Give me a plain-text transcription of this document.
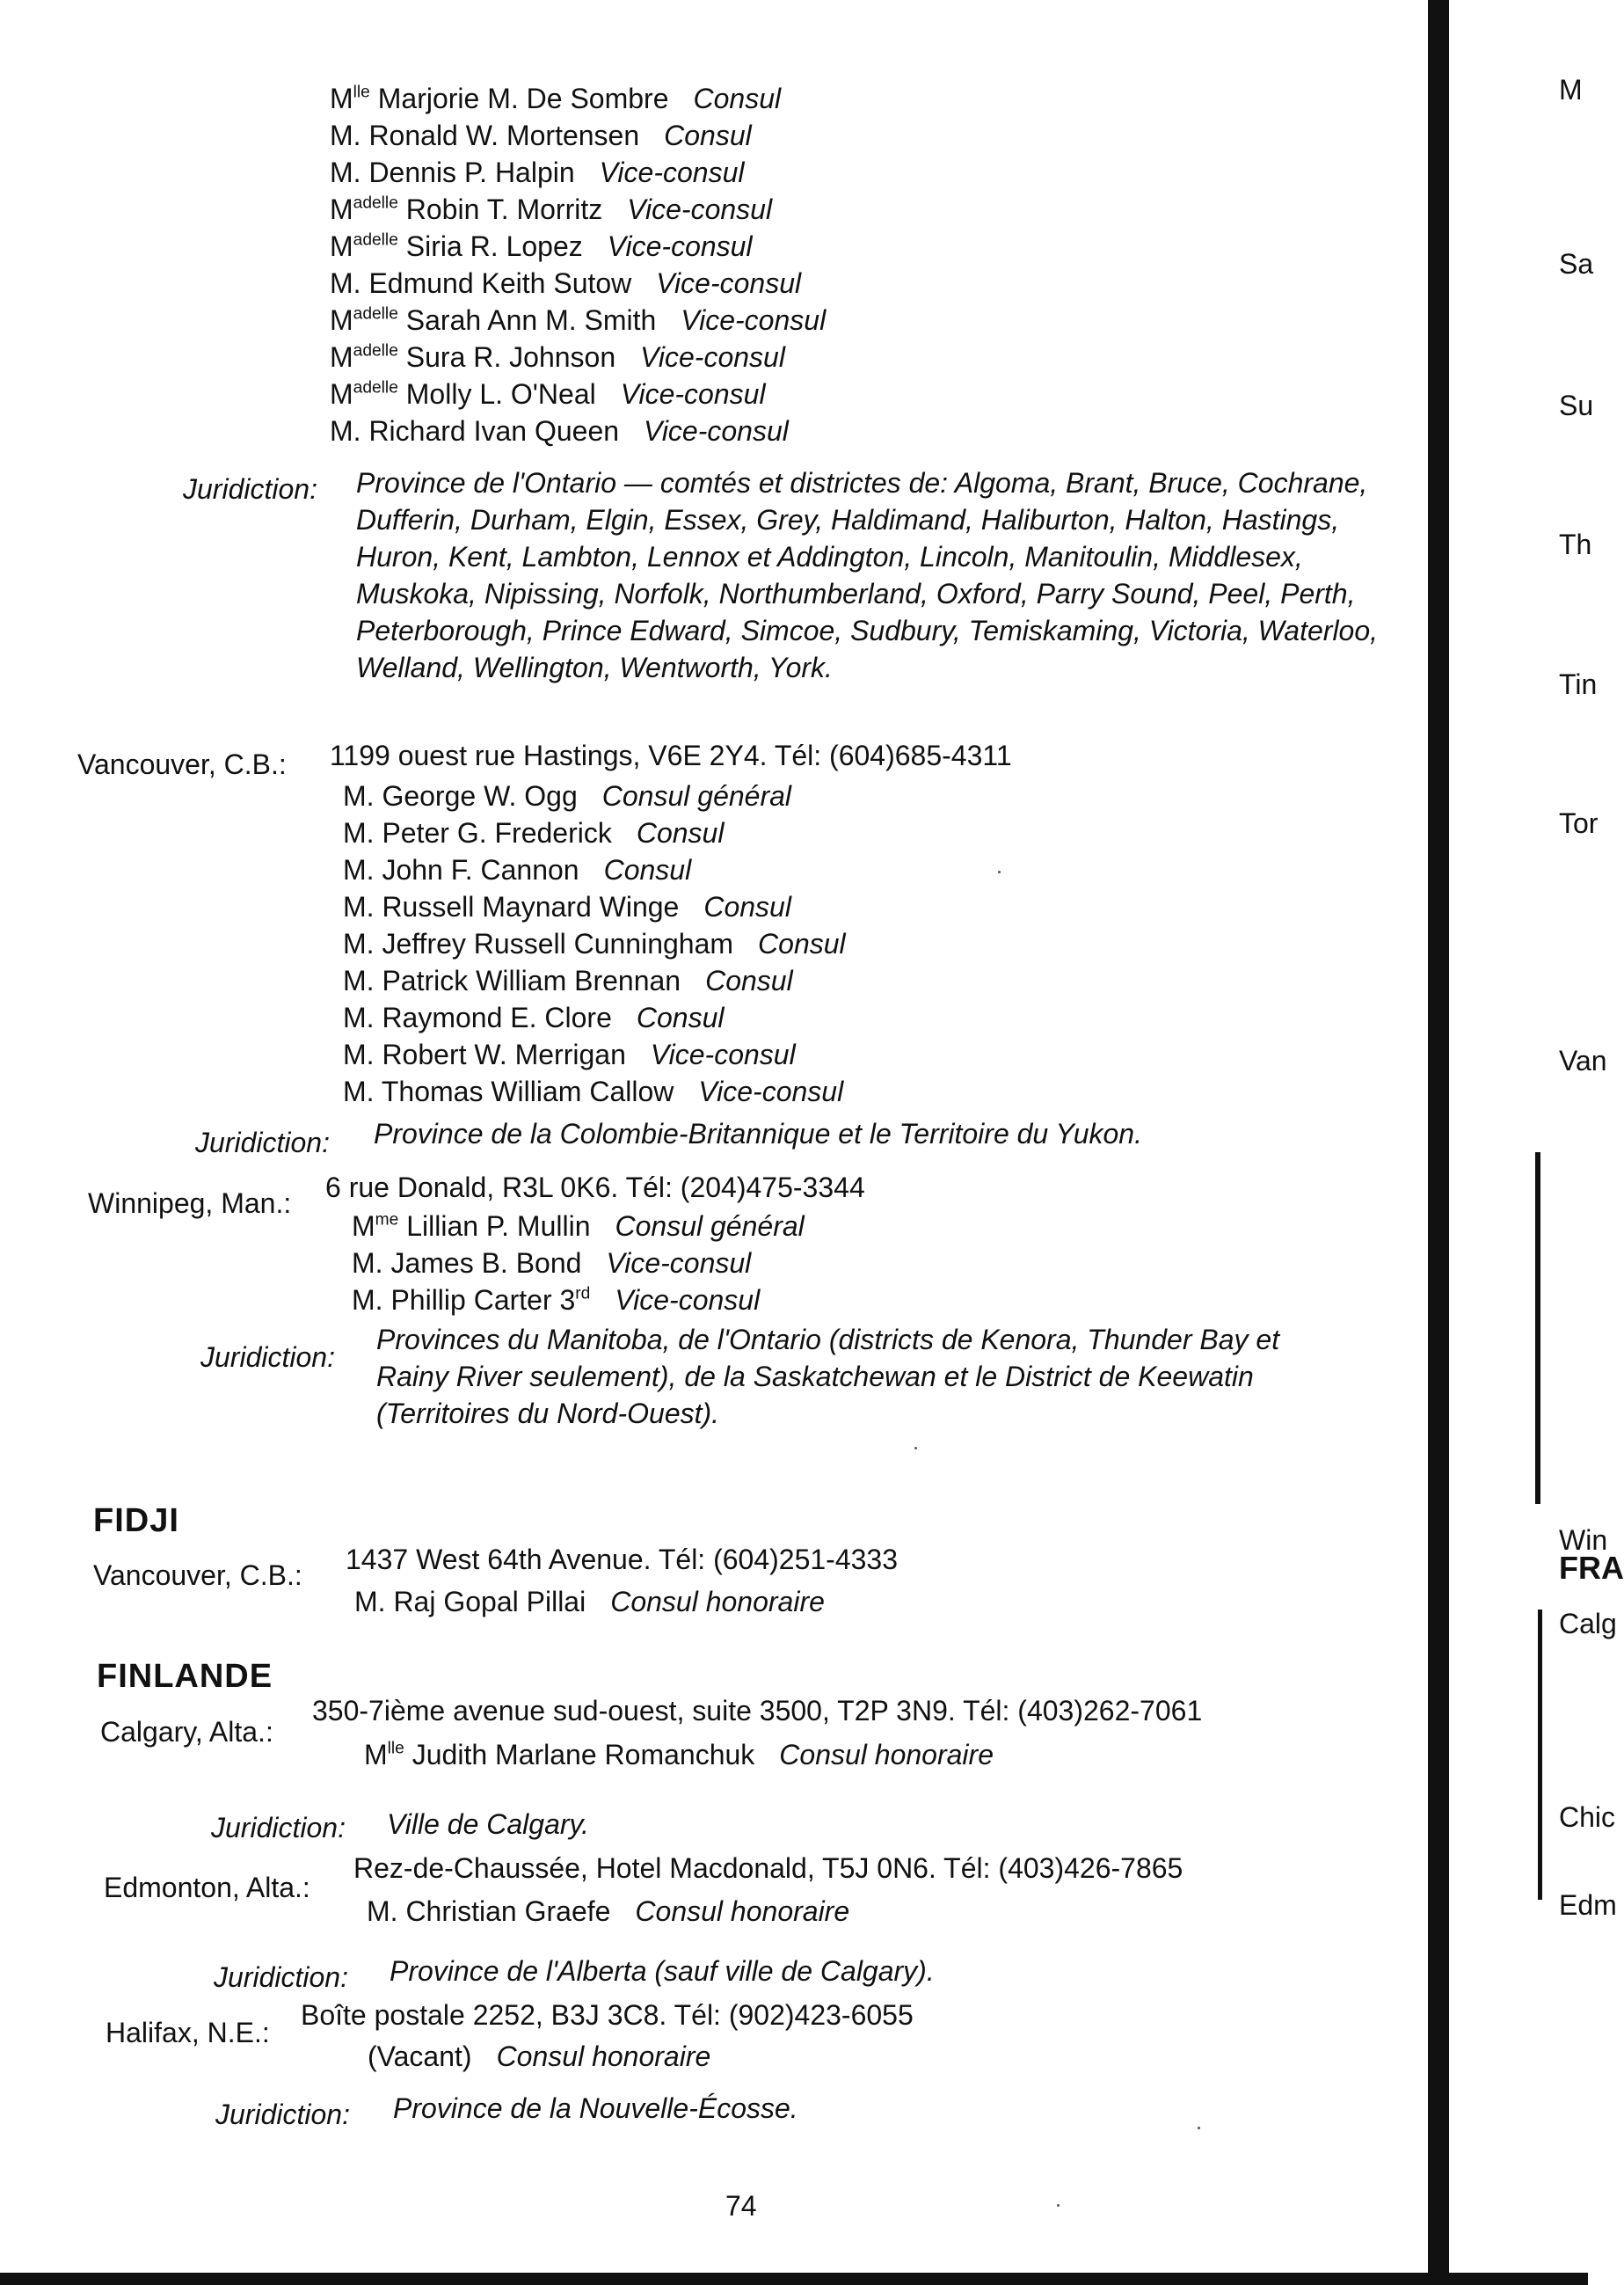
$M^{lle}$ Marjorie M. De Sombre Consul
M. Ronald W. Mortensen Consul
M. Dennis P. Halpin Vice-consul
$M^{adelle}$ Robin T. Morritz Vice-consul
$M^{adelle}$ Siria R. Lopez Vice-consul
M. Edmund Keith Sutow Vice-consul
$M^{adelle}$ Sarah Ann M. Smith Vice-consul
$M^{adelle}$ Sura R. Johnson Vice-consul
$M^{adelle}$ Molly L. O'Neal Vice-consul
M. Richard Ivan Queen Vice-consul
Juridiction: Province de l'Ontario — comtés et districtes de: Algoma, Brant, Bruce, Cochrane, Dufferin, Durham, Elgin, Essex, Grey, Haldimand, Haliburton, Halton, Hastings, Huron, Kent, Lambton, Lennox et Addington, Lincoln, Manitoulin, Middlesex, Muskoka, Nipissing, Norfolk, Northumberland, Oxford, Parry Sound, Peel, Perth, Peterborough, Prince Edward, Simcoe, Sudbury, Temiskaming, Victoria, Waterloo, Welland, Wellington, Wentworth, York.
Vancouver, C.B.: 1199 ouest rue Hastings, V6E 2Y4. Tél: (604)685-4311
M. George W. Ogg Consul général
M. Peter G. Frederick Consul
M. John F. Cannon Consul
M. Russell Maynard Winge Consul
M. Jeffrey Russell Cunningham Consul
M. Patrick William Brennan Consul
M. Raymond E. Clore Consul
M. Robert W. Merrigan Vice-consul
M. Thomas William Callow Vice-consul
Juridiction: Province de la Colombie-Britannique et le Territoire du Yukon.
Winnipeg, Man.: 6 rue Donald, R3L 0K6. Tél: (204)475-3344
$M^{me}$ Lillian P. Mullin Consul général
M. James B. Bond Vice-consul
M. Phillip Carter 3rd Vice-consul
Juridiction:
Provinces du Manitoba, de l'Ontario (districts de Kenora, Thunder Bay et Rainy River seulement), de la Saskatchewan et le District de Keewatin (Territoires du Nord-Ouest).
FIDJI
Vancouver, C.B.: 1437 West 64th Avenue. Tél: (604)251-4333
M. Raj Gopal Pillai Consul honoraire
FINLANDE
Calgary, Alta.:
350-7ième avenue sud-ouest, suite 3500, T2P 3N9. Tél: (403)262-7061
$M^{lle}$ Judith Marlane Romanchuk Consul honoraire
Juridiction: Ville de Calgary.
Edmonton, Alta.:
Rez-de-Chaussée, Hotel Macdonald, T5J 0N6. Tél: (403)426-7865
M. Christian Graefe Consul honoraire
Juridiction: Province de l'Alberta (sauf ville de Calgary).
Halifax, N.E.:
Boîte postale 2252, B3J 3C8. Tél: (902)423-6055
(Vacant) Consul honoraire
Juridiction: Province de la Nouvelle-Écosse.
74
M
Sa
Su
Th
Tin
Tor
Van
Win
FRA
Calg
Chic
Edm
